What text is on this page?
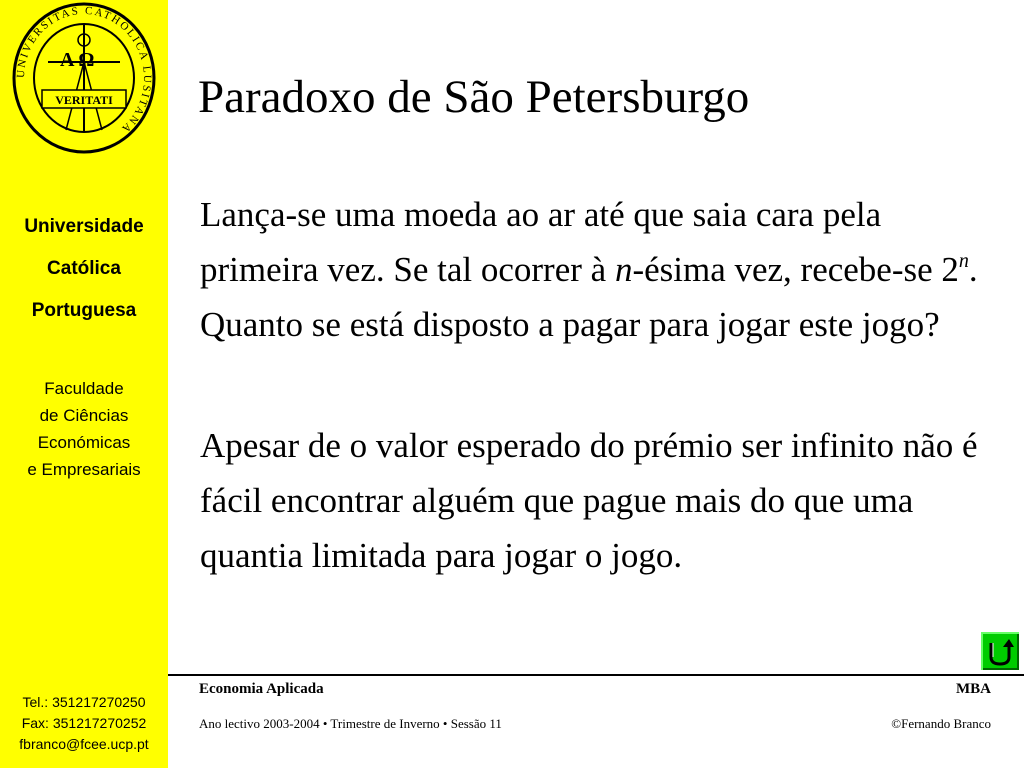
UNIVERSITAS CATHOLICA LUSITANA
A Ω
VERITATI
Universidade
Católica
Portuguesa
Faculdade
de Ciências
Económicas
e Empresariais
Tel.: 351217270250
Fax: 351217270252
fbranco@fcee.ucp.pt
Paradoxo de São Petersburgo

Lança-se uma moeda ao ar até que saia cara pela primeira vez. Se tal ocorrer à n-ésima vez, recebe-se 2$^n$. Quanto se está disposto a pagar para jogar este jogo?

Apesar de o valor esperado do prémio ser infinito não é fácil encontrar alguém que pague mais do que uma quantia limitada para jogar o jogo.

Economia Aplicada	MBA
Ano lectivo 2003-2004 • Trimestre de Inverno • Sessão 11	©Fernando Branco
